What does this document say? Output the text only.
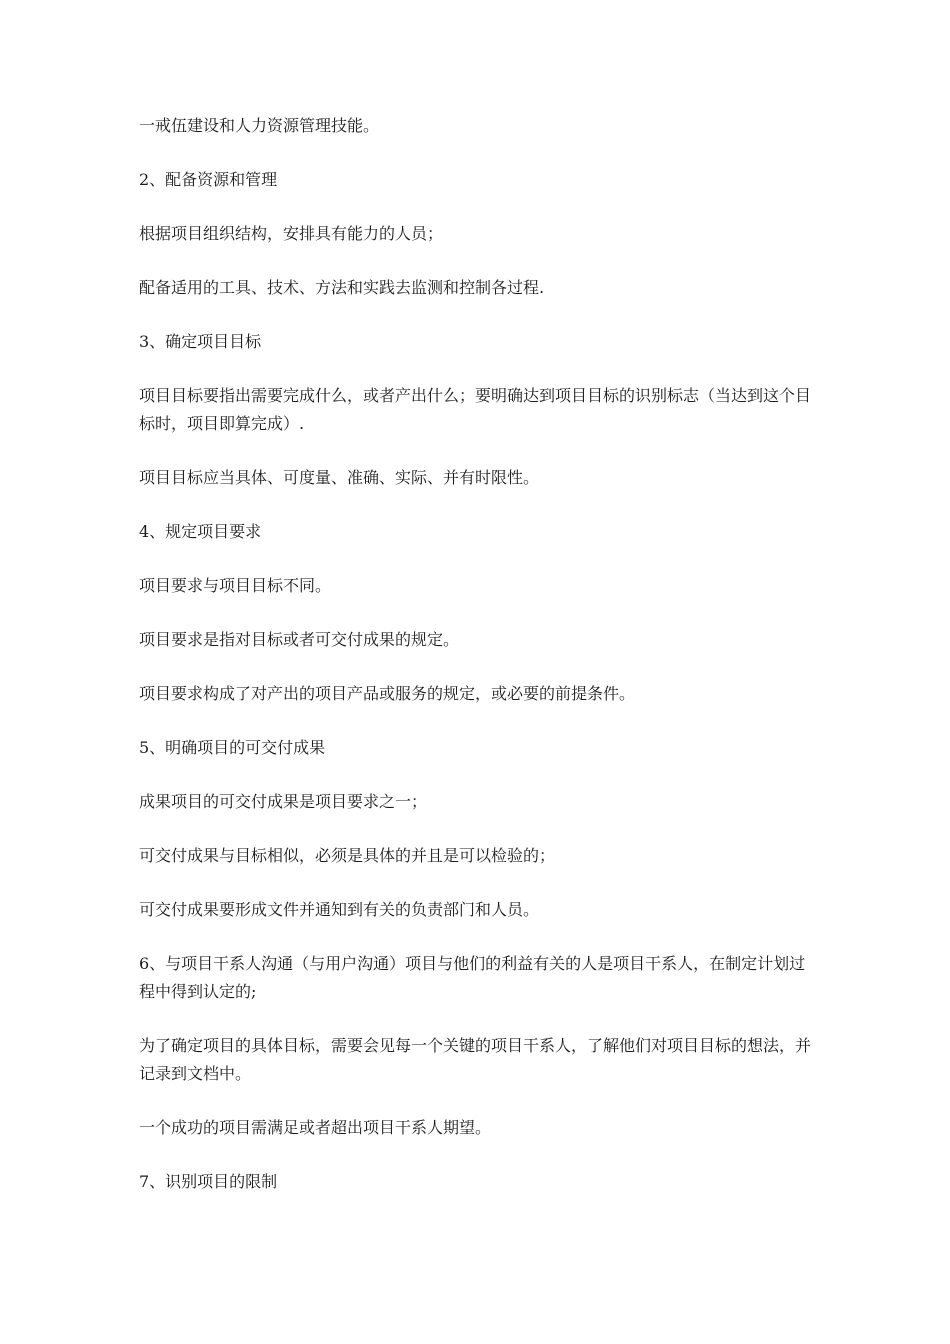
一戒伍建设和人力资源管理技能。

2、配备资源和管理

根据项目组织结构，安排具有能力的人员；

配备适用的工具、技术、方法和实践去监测和控制各过程.

3、确定项目目标

项目目标要指出需要完成什么，或者产出什么；要明确达到项目目标的识别标志（当达到这个目标时，项目即算完成）.

项目目标应当具体、可度量、准确、实际、并有时限性。

4、规定项目要求

项目要求与项目目标不同。

项目要求是指对目标或者可交付成果的规定。

项目要求构成了对产出的项目产品或服务的规定，或必要的前提条件。

5、明确项目的可交付成果

成果项目的可交付成果是项目要求之一；

可交付成果与目标相似，必须是具体的并且是可以检验的；

可交付成果要形成文件并通知到有关的负责部门和人员。

6、与项目干系人沟通（与用户沟通）项目与他们的利益有关的人是项目干系人，在制定计划过程中得到认定的;

为了确定项目的具体目标，需要会见每一个关键的项目干系人，了解他们对项目目标的想法，并记录到文档中。

一个成功的项目需满足或者超出项目干系人期望。

7、识别项目的限制
